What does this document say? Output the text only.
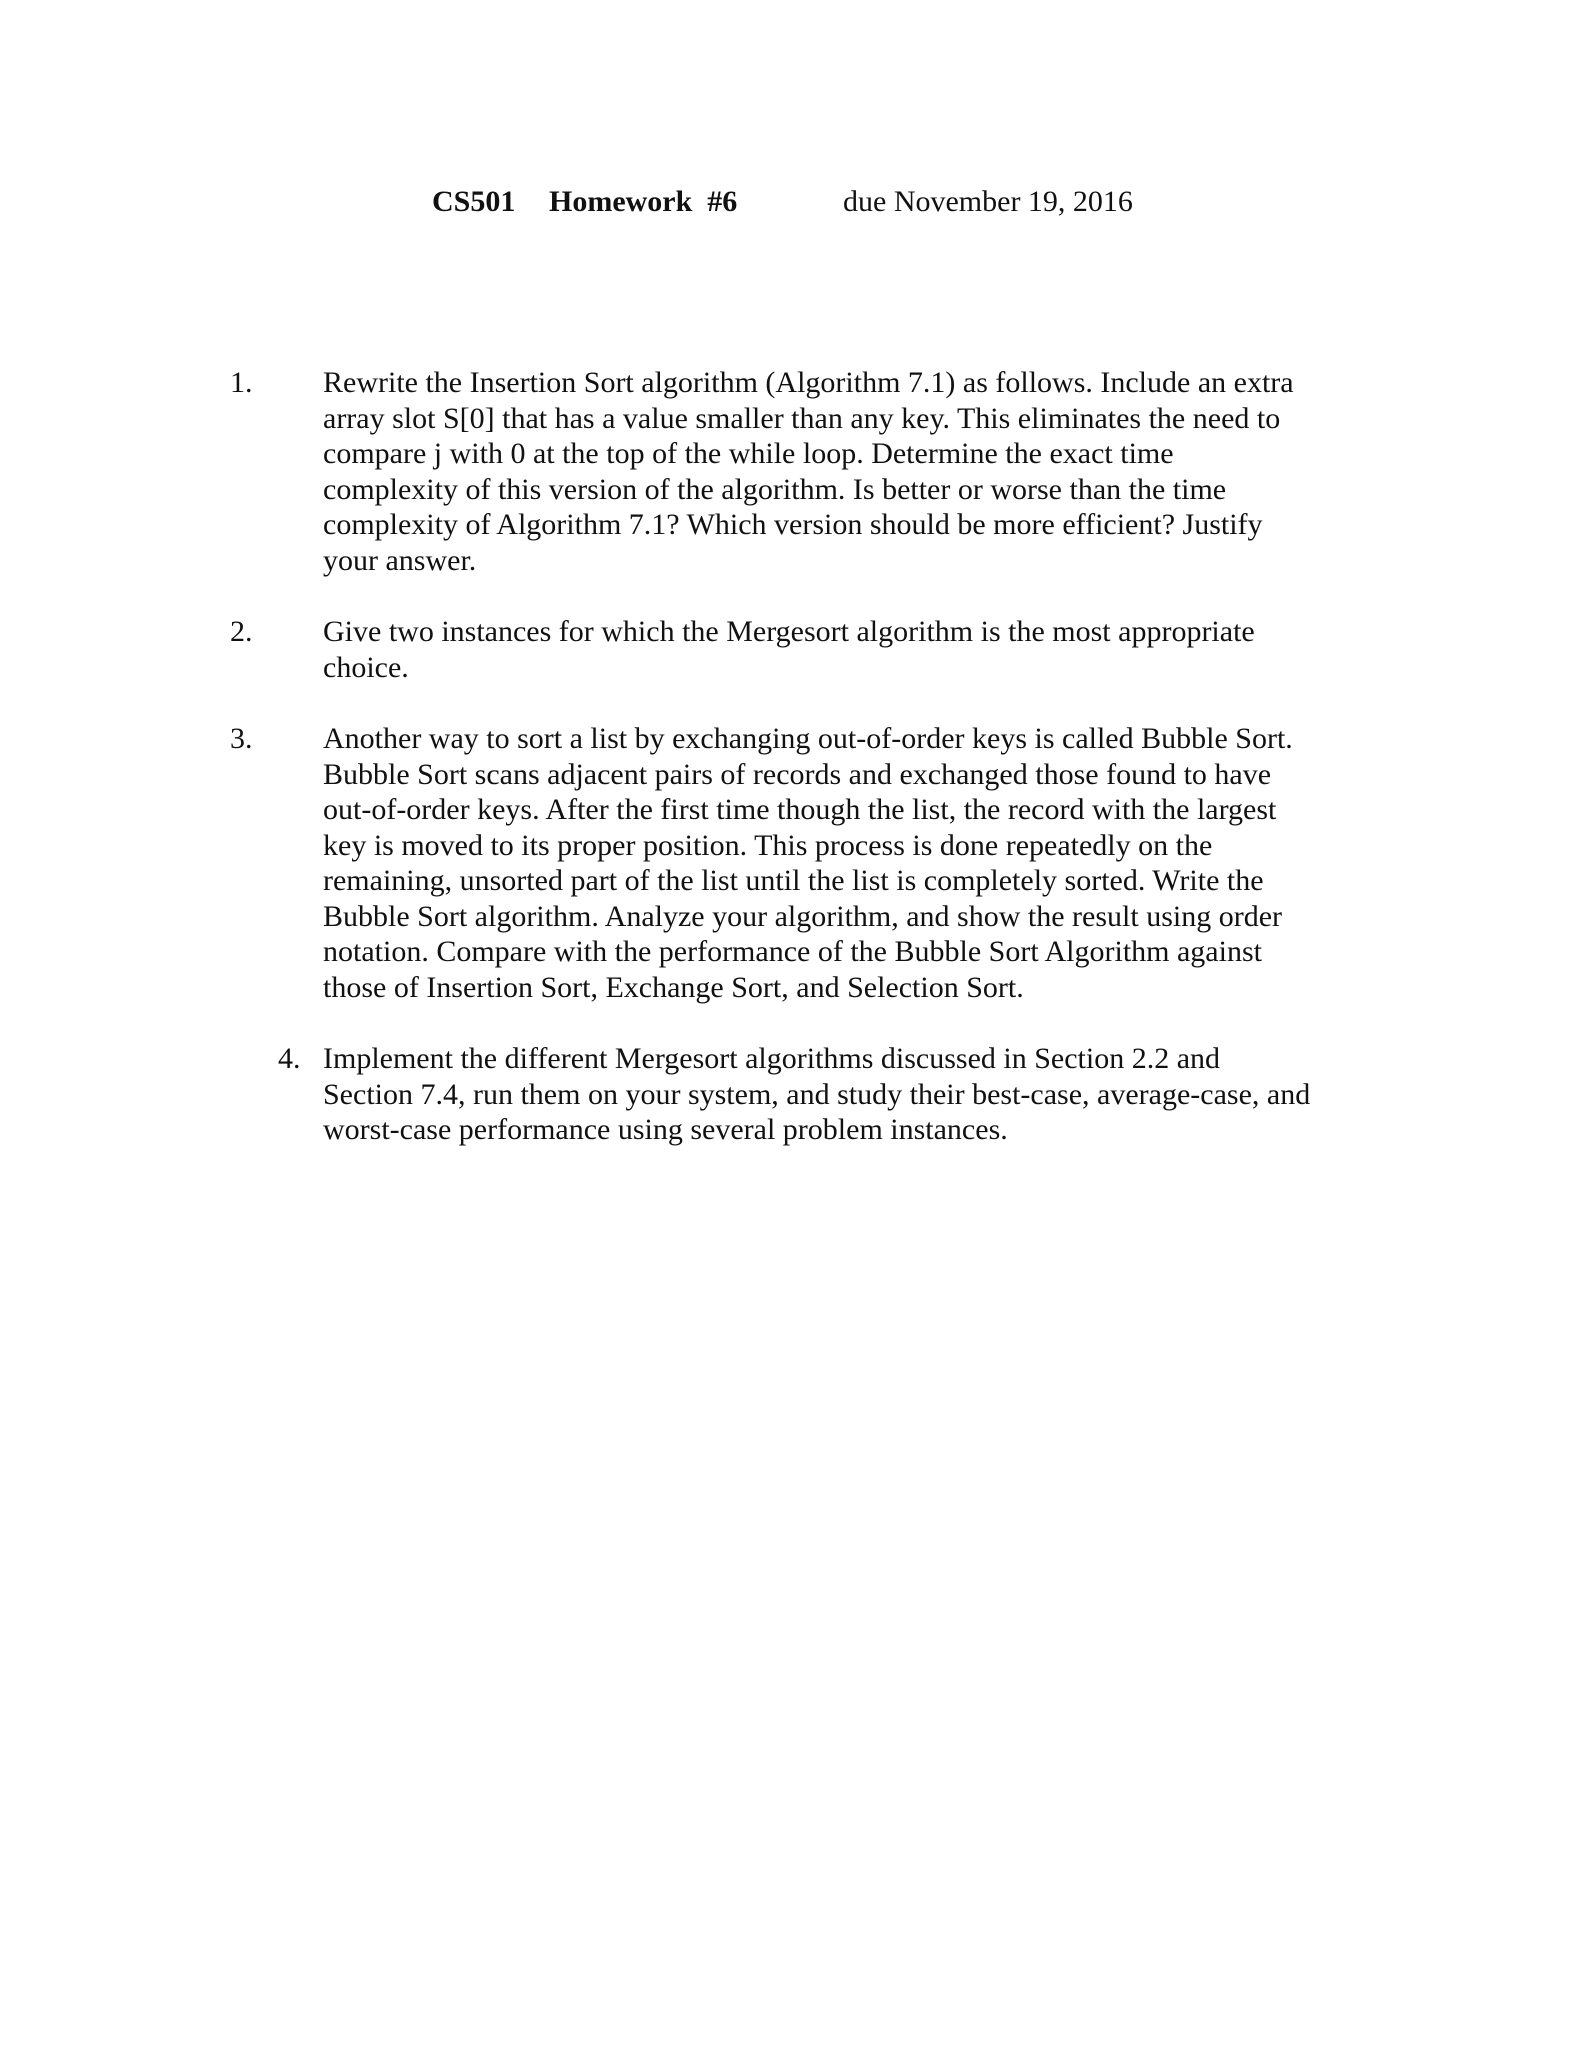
CS501 Homework  #6	due November 19, 2016
1. Rewrite the Insertion Sort algorithm (Algorithm 7.1) as follows. Include an extra
array slot S[0] that has a value smaller than any key. This eliminates the need to
compare j with 0 at the top of the while loop. Determine the exact time
complexity of this version of the algorithm. Is better or worse than the time
complexity of Algorithm 7.1? Which version should be more efficient? Justify
your answer.
2. Give two instances for which the Mergesort algorithm is the most appropriate
choice.
3. Another way to sort a list by exchanging out-of-order keys is called Bubble Sort.
Bubble Sort scans adjacent pairs of records and exchanged those found to have
out-of-order keys. After the first time though the list, the record with the largest
key is moved to its proper position. This process is done repeatedly on the
remaining, unsorted part of the list until the list is completely sorted. Write the
Bubble Sort algorithm. Analyze your algorithm, and show the result using order
notation. Compare with the performance of the Bubble Sort Algorithm against
those of Insertion Sort, Exchange Sort, and Selection Sort.
4. Implement the different Mergesort algorithms discussed in Section 2.2 and
Section 7.4, run them on your system, and study their best-case, average-case, and
worst-case performance using several problem instances.
